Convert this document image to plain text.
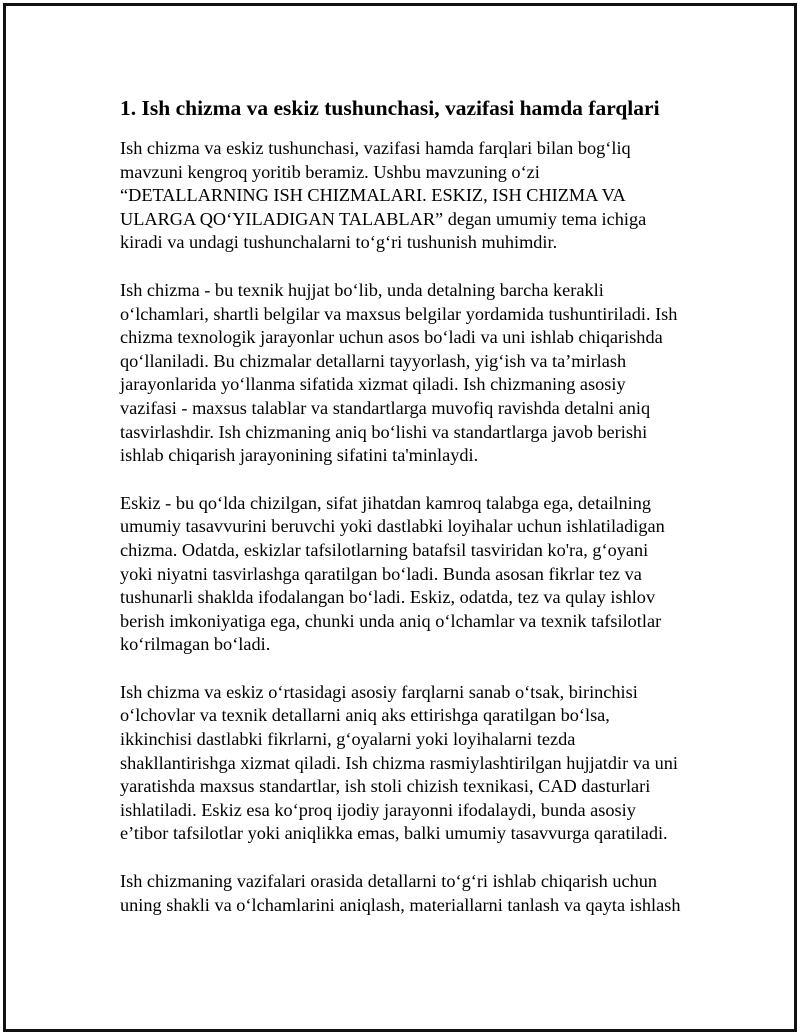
1. Ish chizma va eskiz tushunchasi, vazifasi hamda farqlari
Ish chizma va eskiz tushunchasi, vazifasi hamda farqlari bilan bog‘liq
mavzuni kengroq yoritib beramiz. Ushbu mavzuning o‘zi
“DETALLARNING ISH CHIZMALARI. ESKIZ, ISH CHIZMA VA
ULARGA QO‘YILADIGAN TALABLAR” degan umumiy tema ichiga
kiradi va undagi tushunchalarni to‘g‘ri tushunish muhimdir.
Ish chizma - bu texnik hujjat bo‘lib, unda detalning barcha kerakli
o‘lchamlari, shartli belgilar va maxsus belgilar yordamida tushuntiriladi. Ish
chizma texnologik jarayonlar uchun asos bo‘ladi va uni ishlab chiqarishda
qo‘llaniladi. Bu chizmalar detallarni tayyorlash, yig‘ish va ta’mirlash
jarayonlarida yo‘llanma sifatida xizmat qiladi. Ish chizmaning asosiy
vazifasi - maxsus talablar va standartlarga muvofiq ravishda detalni aniq
tasvirlashdir. Ish chizmaning aniq bo‘lishi va standartlarga javob berishi
ishlab chiqarish jarayonining sifatini ta'minlaydi.
Eskiz - bu qo‘lda chizilgan, sifat jihatdan kamroq talabga ega, detailning
umumiy tasavvurini beruvchi yoki dastlabki loyihalar uchun ishlatiladigan
chizma. Odatda, eskizlar tafsilotlarning batafsil tasviridan ko'ra, g‘oyani
yoki niyatni tasvirlashga qaratilgan bo‘ladi. Bunda asosan fikrlar tez va
tushunarli shaklda ifodalangan bo‘ladi. Eskiz, odatda, tez va qulay ishlov
berish imkoniyatiga ega, chunki unda aniq o‘lchamlar va texnik tafsilotlar
ko‘rilmagan bo‘ladi.
Ish chizma va eskiz o‘rtasidagi asosiy farqlarni sanab o‘tsak, birinchisi
o‘lchovlar va texnik detallarni aniq aks ettirishga qaratilgan bo‘lsa,
ikkinchisi dastlabki fikrlarni, g‘oyalarni yoki loyihalarni tezda
shakllantirishga xizmat qiladi. Ish chizma rasmiylashtirilgan hujjatdir va uni
yaratishda maxsus standartlar, ish stoli chizish texnikasi, CAD dasturlari
ishlatiladi. Eskiz esa ko‘proq ijodiy jarayonni ifodalaydi, bunda asosiy
e’tibor tafsilotlar yoki aniqlikka emas, balki umumiy tasavvurga qaratiladi.
Ish chizmaning vazifalari orasida detallarni to‘g‘ri ishlab chiqarish uchun
uning shakli va o‘lchamlarini aniqlash, materiallarni tanlash va qayta ishlash
